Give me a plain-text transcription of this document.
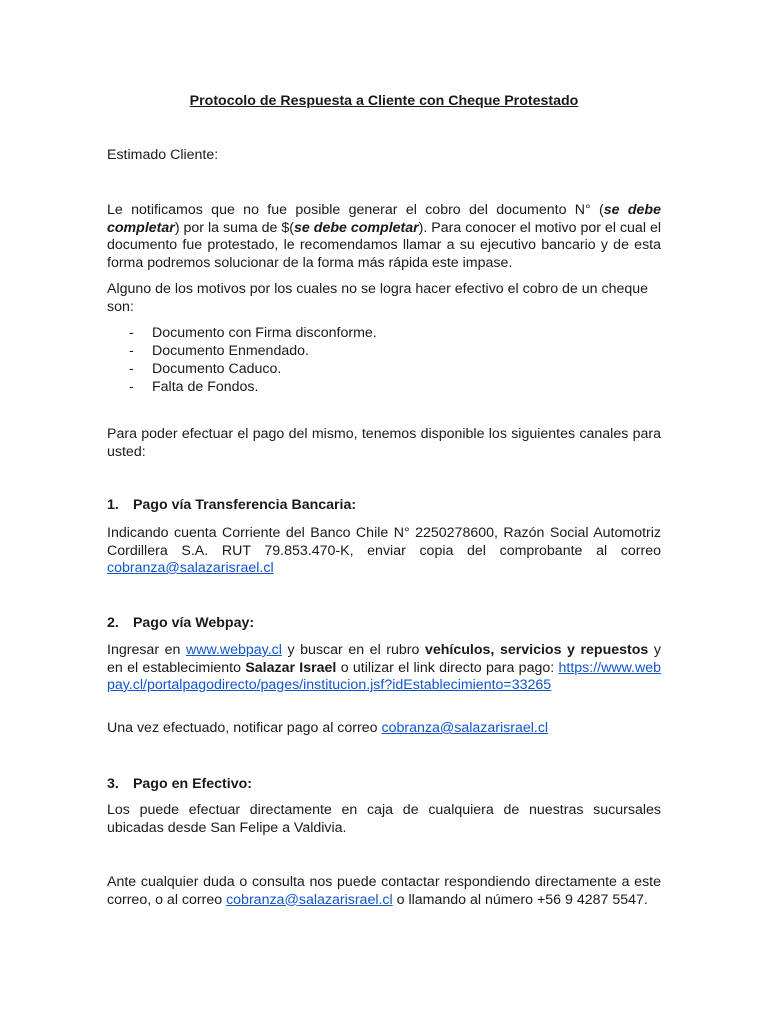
Protocolo de Respuesta a Cliente con Cheque Protestado

Estimado Cliente:

Le notificamos que no fue posible generar el cobro del documento N° (se debe completar) por la suma de $(se debe completar). Para conocer el motivo por el cual el documento fue protestado, le recomendamos llamar a su ejecutivo bancario y de esta forma podremos solucionar de la forma más rápida este impase.

Alguno de los motivos por los cuales no se logra hacer efectivo el cobro de un cheque son:

- Documento con Firma disconforme.
- Documento Enmendado.
- Documento Caduco.
- Falta de Fondos.

Para poder efectuar el pago del mismo, tenemos disponible los siguientes canales para usted:

1. Pago vía Transferencia Bancaria:

Indicando cuenta Corriente del Banco Chile N° 2250278600, Razón Social Automotriz Cordillera S.A. RUT 79.853.470-K, enviar copia del comprobante al correo cobranza@salazarisrael.cl

2. Pago vía Webpay:

Ingresar en www.webpay.cl y buscar en el rubro vehículos, servicios y repuestos y en el establecimiento Salazar Israel o utilizar el link directo para pago: https://www.webpay.cl/portalpagodirecto/pages/institucion.jsf?idEstablecimiento=33265

Una vez efectuado, notificar pago al correo cobranza@salazarisrael.cl

3. Pago en Efectivo:

Los puede efectuar directamente en caja de cualquiera de nuestras sucursales ubicadas desde San Felipe a Valdivia.

Ante cualquier duda o consulta nos puede contactar respondiendo directamente a este correo, o al correo cobranza@salazarisrael.cl o llamando al número +56 9 4287 5547.
